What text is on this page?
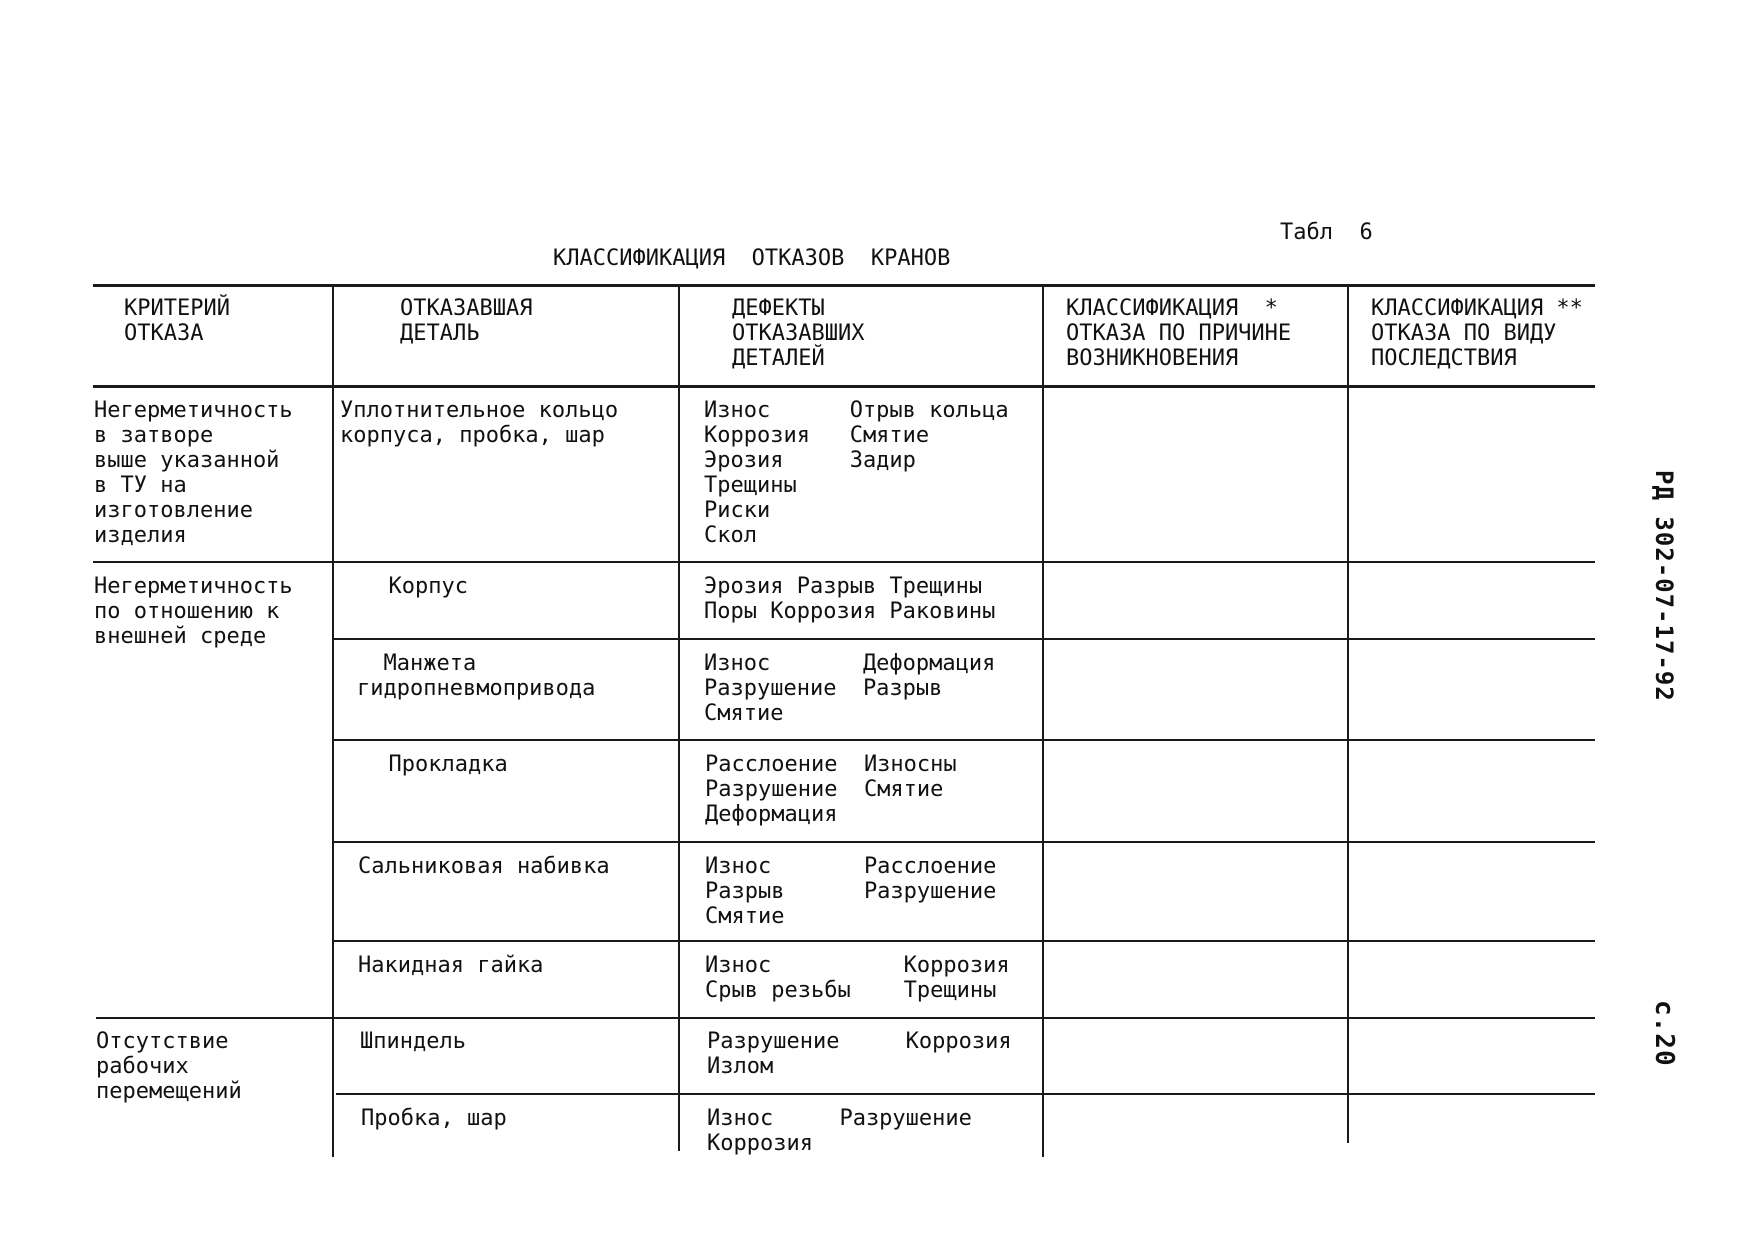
Табл  6
КЛАССИФИКАЦИЯ  ОТКАЗОВ  КРАНОВ
РД 302-07-17-92
с.20
КРИТЕРИЙ
ОТКАЗА
ОТКАЗАВШАЯ
ДЕТАЛЬ
ДЕФЕКТЫ
ОТКАЗАВШИХ
ДЕТАЛЕЙ
КЛАССИФИКАЦИЯ  *
ОТКАЗА ПО ПРИЧИНЕ
ВОЗНИКНОВЕНИЯ
КЛАССИФИКАЦИЯ **
ОТКАЗА ПО ВИДУ
ПОСЛЕДСТВИЯ
Негерметичность
в затворе
выше указанной
в ТУ на
изготовление
изделия
Негерметичность
по отношению к
внешней среде
Отсутствие
рабочих
перемещений
Уплотнительное кольцо
корпуса, пробка, шар
Корпус
Манжета
гидропневмопривода
Прокладка
Сальниковая набивка
Накидная гайка
Шпиндель
Пробка, шар
Износ      Отрыв кольца
Коррозия   Смятие
Эрозия     Задир
Трещины
Риски
Скол
Эрозия Разрыв Трещины
Поры Коррозия Раковины
Износ       Деформация
Разрушение  Разрыв
Смятие
Расслоение  Износны
Разрушение  Смятие
Деформация
Износ       Расслоение
Разрыв      Разрушение
Смятие
Износ          Коррозия
Срыв резьбы    Трещины
Разрушение     Коррозия
Излом
Износ     Разрушение
Коррозия
